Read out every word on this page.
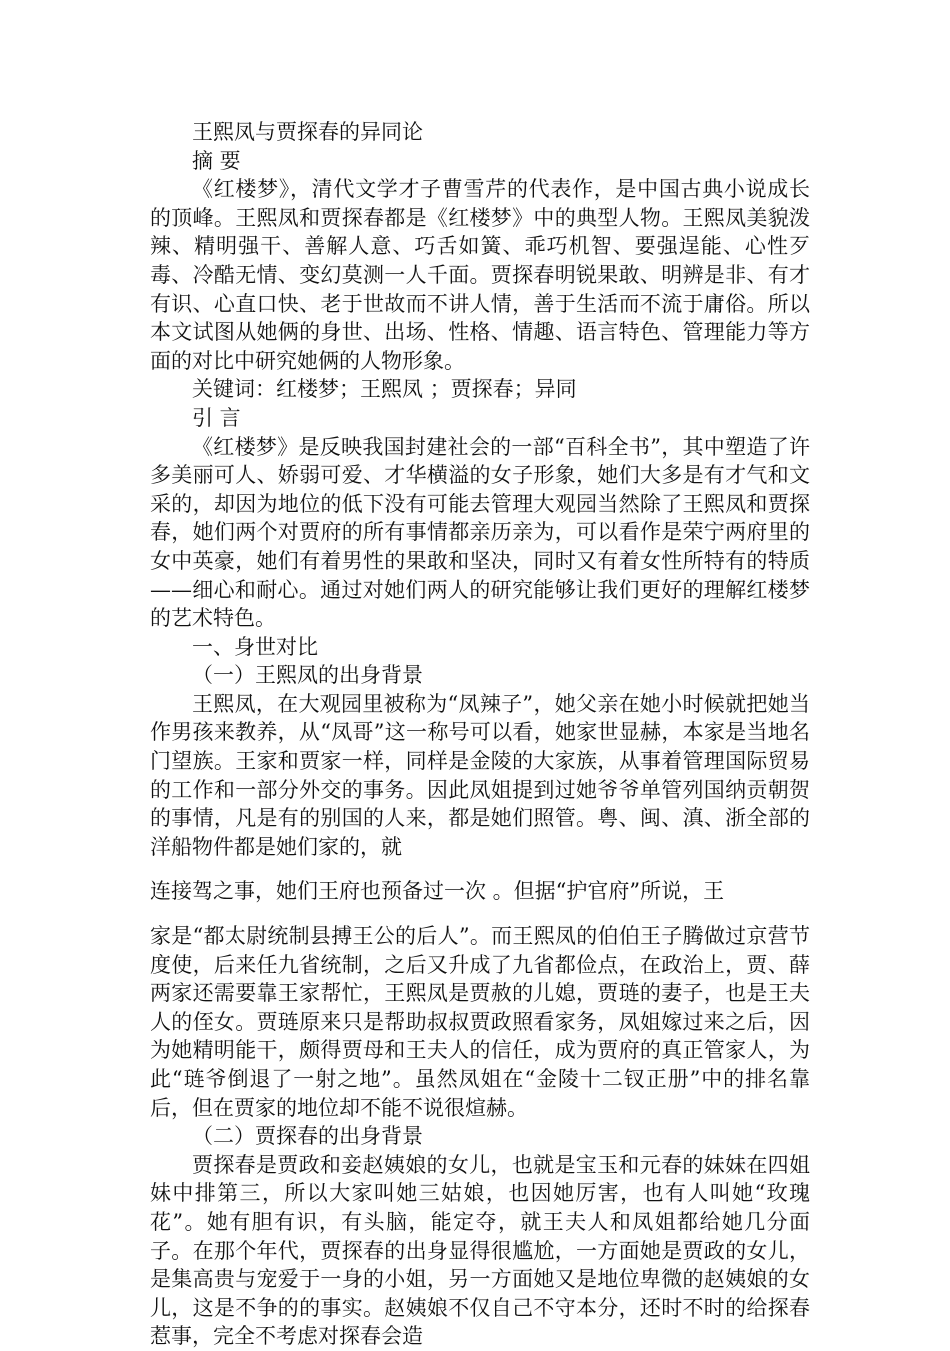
王熙凤与贾探春的异同论

摘 要

《红楼梦》，清代文学才子曹雪芹的代表作，是中国古典小说成长的顶峰。王熙凤和贾探春都是《红楼梦》中的典型人物。王熙凤美貌泼辣、精明强干、善解人意、巧舌如簧、乖巧机智、要强逞能、心性歹毒、冷酷无情、变幻莫测一人千面。贾探春明锐果敢、明辨是非、有才有识、心直口快、老于世故而不讲人情，善于生活而不流于庸俗。所以本文试图从她俩的身世、出场、性格、情趣、语言特色、管理能力等方面的对比中研究她俩的人物形象。

关键词：红楼梦；王熙凤 ；贾探春；异同

引 言

《红楼梦》是反映我国封建社会的一部“百科全书”，其中塑造了许多美丽可人、娇弱可爱、才华横溢的女子形象，她们大多是有才气和文采的，却因为地位的低下没有可能去管理大观园当然除了王熙凤和贾探春，她们两个对贾府的所有事情都亲历亲为，可以看作是荣宁两府里的女中英豪，她们有着男性的果敢和坚决，同时又有着女性所特有的特质——细心和耐心。通过对她们两人的研究能够让我们更好的理解红楼梦的艺术特色。

一、身世对比

（一）王熙凤的出身背景

王熙凤，在大观园里被称为“凤辣子”，她父亲在她小时候就把她当作男孩来教养，从“凤哥”这一称号可以看，她家世显赫，本家是当地名门望族。王家和贾家一样，同样是金陵的大家族，从事着管理国际贸易的工作和一部分外交的事务。因此凤姐提到过她爷爷单管列国纳贡朝贺的事情，凡是有的别国的人来，都是她们照管。粤、闽、滇、浙全部的洋船物件都是她们家的，就

连接驾之事，她们王府也预备过一次 。但据“护官府”所说，王

家是“都太尉统制县搏王公的后人”。而王熙凤的伯伯王子腾做过京营节度使，后来任九省统制，之后又升成了九省都俭点，在政治上，贾、薛两家还需要靠王家帮忙，王熙凤是贾赦的儿媳，贾琏的妻子，也是王夫人的侄女。贾琏原来只是帮助叔叔贾政照看家务，凤姐嫁过来之后，因为她精明能干，颇得贾母和王夫人的信任，成为贾府的真正管家人，为此“琏爷倒退了一射之地”。虽然凤姐在“金陵十二钗正册”中的排名靠后，但在贾家的地位却不能不说很煊赫。

（二）贾探春的出身背景

贾探春是贾政和妾赵姨娘的女儿，也就是宝玉和元春的妹妹在四姐妹中排第三，所以大家叫她三姑娘，也因她厉害，也有人叫她“玫瑰花”。她有胆有识，有头脑，能定夺，就王夫人和凤姐都给她几分面子。在那个年代，贾探春的出身显得很尴尬，一方面她是贾政的女儿，是集高贵与宠爱于一身的小姐，另一方面她又是地位卑微的赵姨娘的女儿，这是不争的的事实。赵姨娘不仅自己不守本分，还时不时的给探春惹事，完全不考虑对探春会造
